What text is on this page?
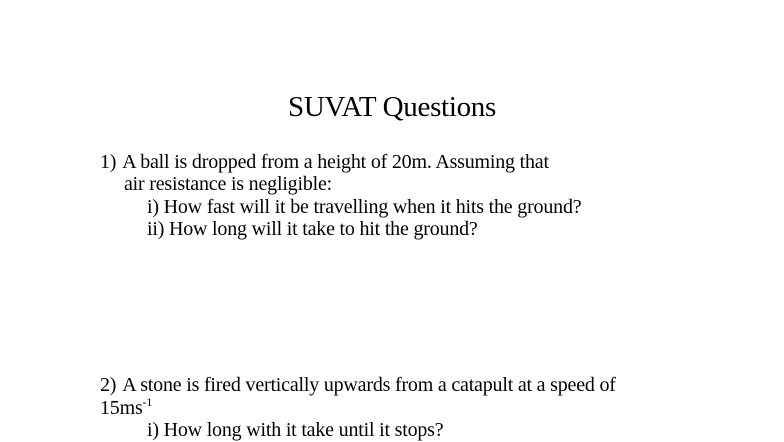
SUVAT Questions
1) A ball is dropped from a height of 20m. Assuming that
air resistance is negligible:
i) How fast will it be travelling when it hits the ground?
ii) How long will it take to hit the ground?
2) A stone is fired vertically upwards from a catapult at a speed of
$15ms^{-1}$
i) How long with it take until it stops?
